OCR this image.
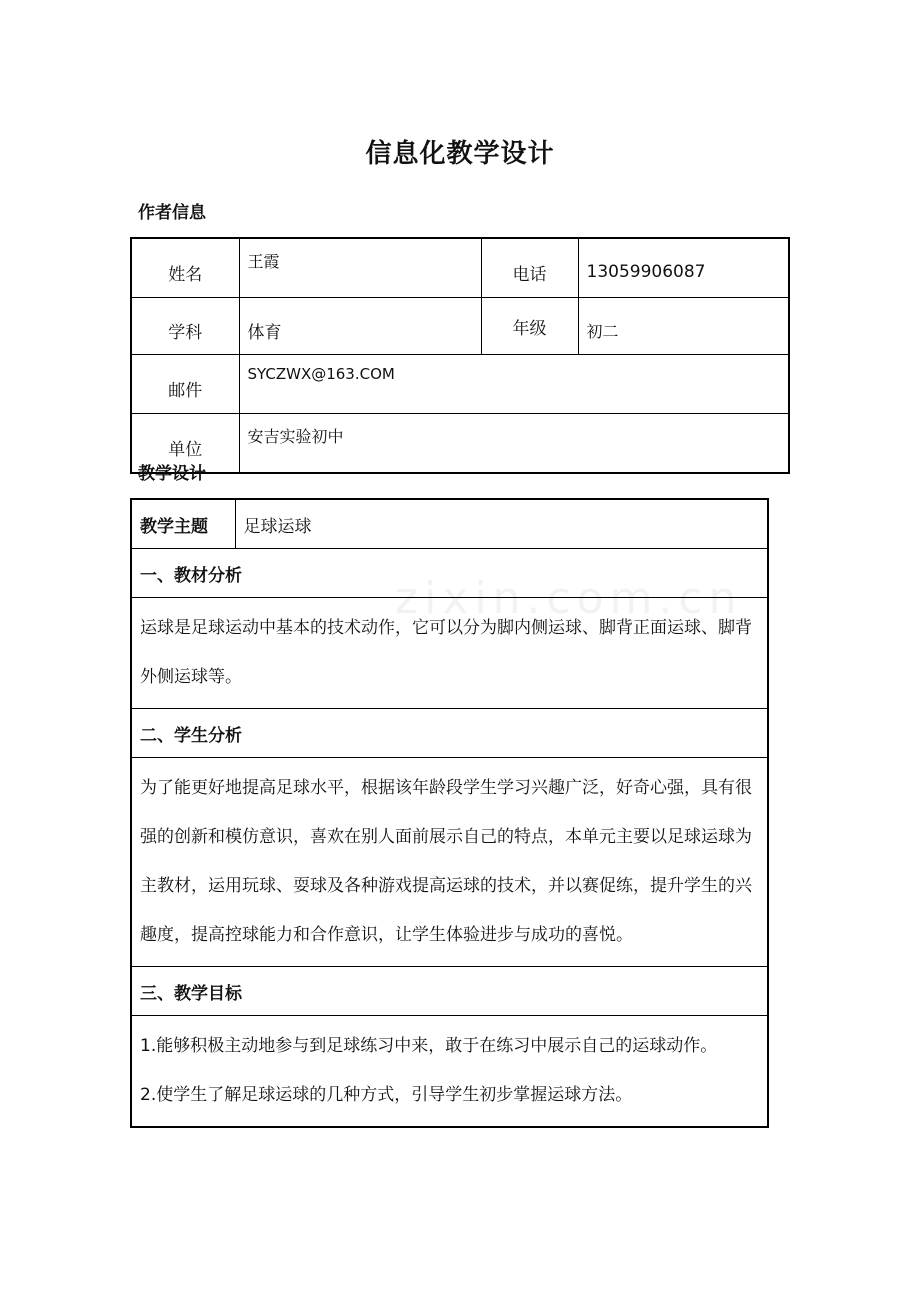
信息化教学设计
作者信息
姓名	王霞	电话	13059906087
学科	体育	年级	初二
邮件	SYCZWX@163.COM		
单位	安吉实验初中		
教学设计
zixin.com.cn
教学主题	足球运球
一、教材分析
运球是足球运动中基本的技术动作，它可以分为脚内侧运球、脚背正面运球、脚背外侧运球等。
二、学生分析
为了能更好地提高足球水平，根据该年龄段学生学习兴趣广泛，好奇心强，具有很强的创新和模仿意识，喜欢在别人面前展示自己的特点，本单元主要以足球运球为主教材，运用玩球、耍球及各种游戏提高运球的技术，并以赛促练，提升学生的兴趣度，提高控球能力和合作意识，让学生体验进步与成功的喜悦。
三、教学目标

1.能够积极主动地参与到足球练习中来，敢于在练习中展示自己的运球动作。
2.使学生了解足球运球的几种方式，引导学生初步掌握运球方法。
